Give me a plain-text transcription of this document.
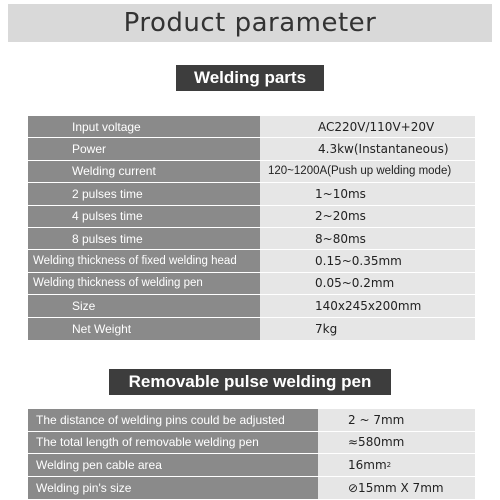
Product parameter
Welding parts
Input voltage	AC220V/110V+20V
Power	4.3kw(Instantaneous)
Welding current	120~1200A(Push up welding mode)
2 pulses time	1~10ms
4 pulses time	2~20ms
8 pulses time	8~80ms
Welding thickness of fixed welding head	0.15~0.35mm
Welding thickness of welding pen	0.05~0.2mm
Size	140x245x200mm
Net Weight	7kg
Removable pulse welding pen
The distance of welding pins could be adjusted	2 ~ 7mm
The total length of removable welding pen	≈580mm
Welding pen cable area	16mm 2
Welding pin's size	⊘15mm X 7mm
